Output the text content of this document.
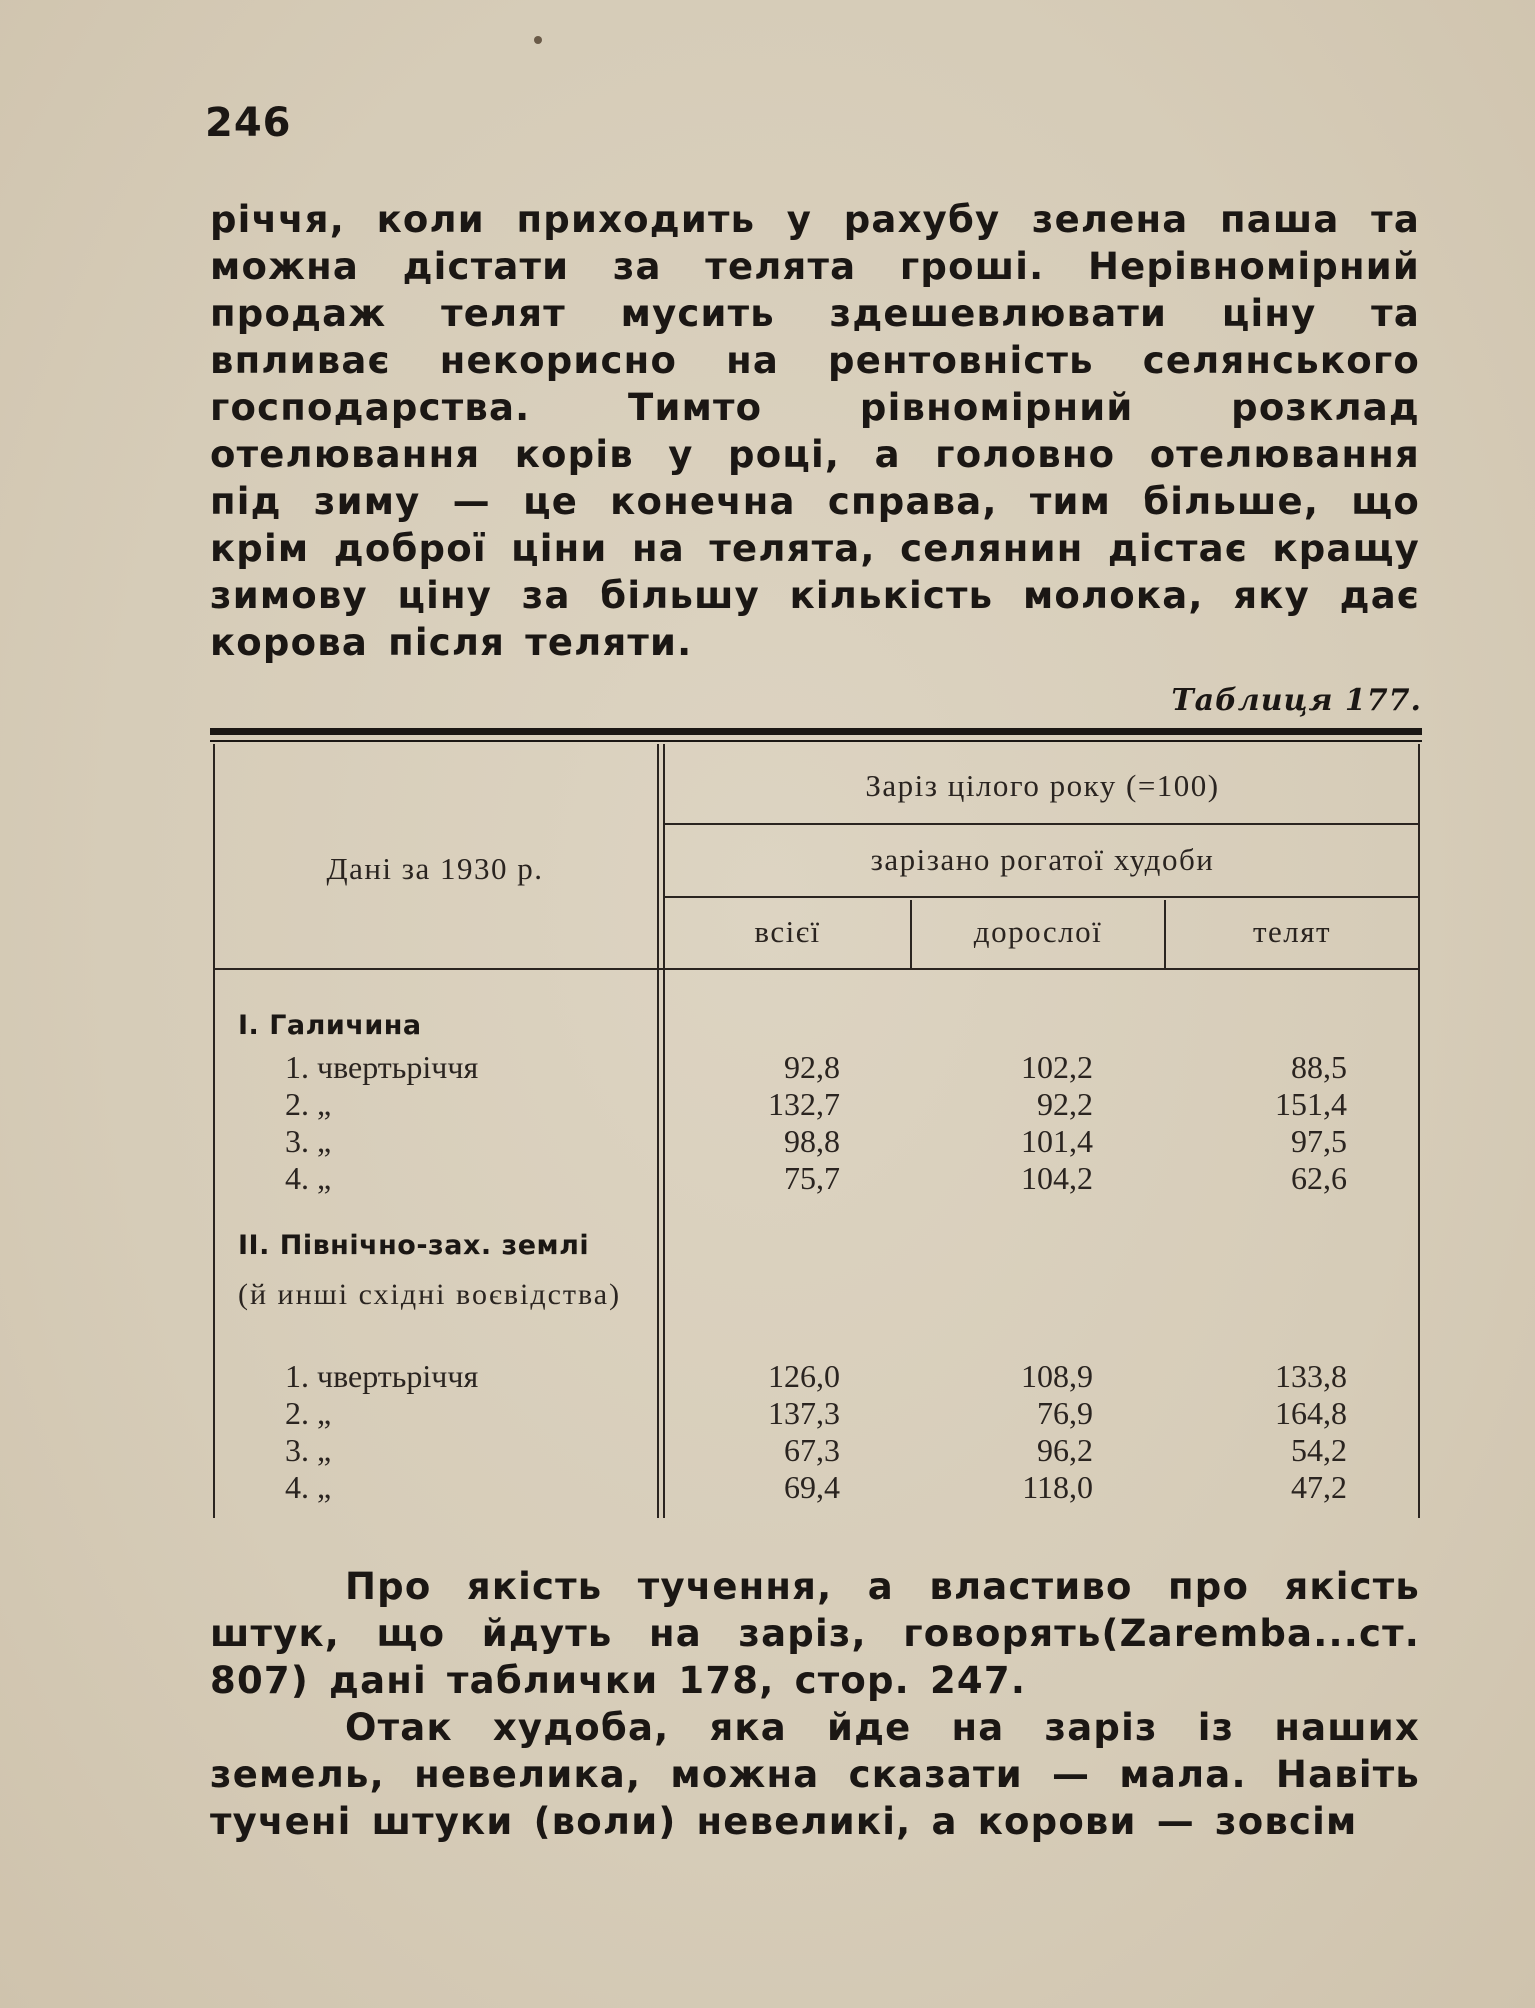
246
річчя, коли приходить у рахубу зелена паша та можна дістати за телята гроші. Нерівномірний продаж телят мусить здешевлювати ціну та впливає некорисно на рентовність селянського господарства. Тимто рівномірний розклад отелювання корів у році, а головно отелювання під зиму — це конечна справа, тим більше, що крім доброї ціни на телята, селянин дістає кращу зимову ціну за більшу кількість молока, яку дає корова після теляти.
Таблиця 177.
Дані за 1930 р.
Заріз цілого року (=100)
зарізано рогатої худоби
всієї	дорослої	телят
I. Галичина
1. чвертьріччя	92,8	102,2	88,5
2. „	132,7	92,2	151,4
3. „	98,8	101,4	97,5
4. „	75,7	104,2	62,6
II. Північно-зах. землі
(й инші східні воєвідства)
1. чвертьріччя	126,0	108,9	133,8
2. „	137,3	76,9	164,8
3. „	67,3	96,2	54,2
4. „	69,4	118,0	47,2
Про якість тучення, а властиво про якість штук, що йдуть на заріз, говорять(Zaremba...ст. 807) дані таблички 178, стор. 247.
Отак худоба, яка йде на заріз із наших земель, невелика, можна сказати — мала. Навіть тучені штуки (воли) невеликі, а корови — зовсім
